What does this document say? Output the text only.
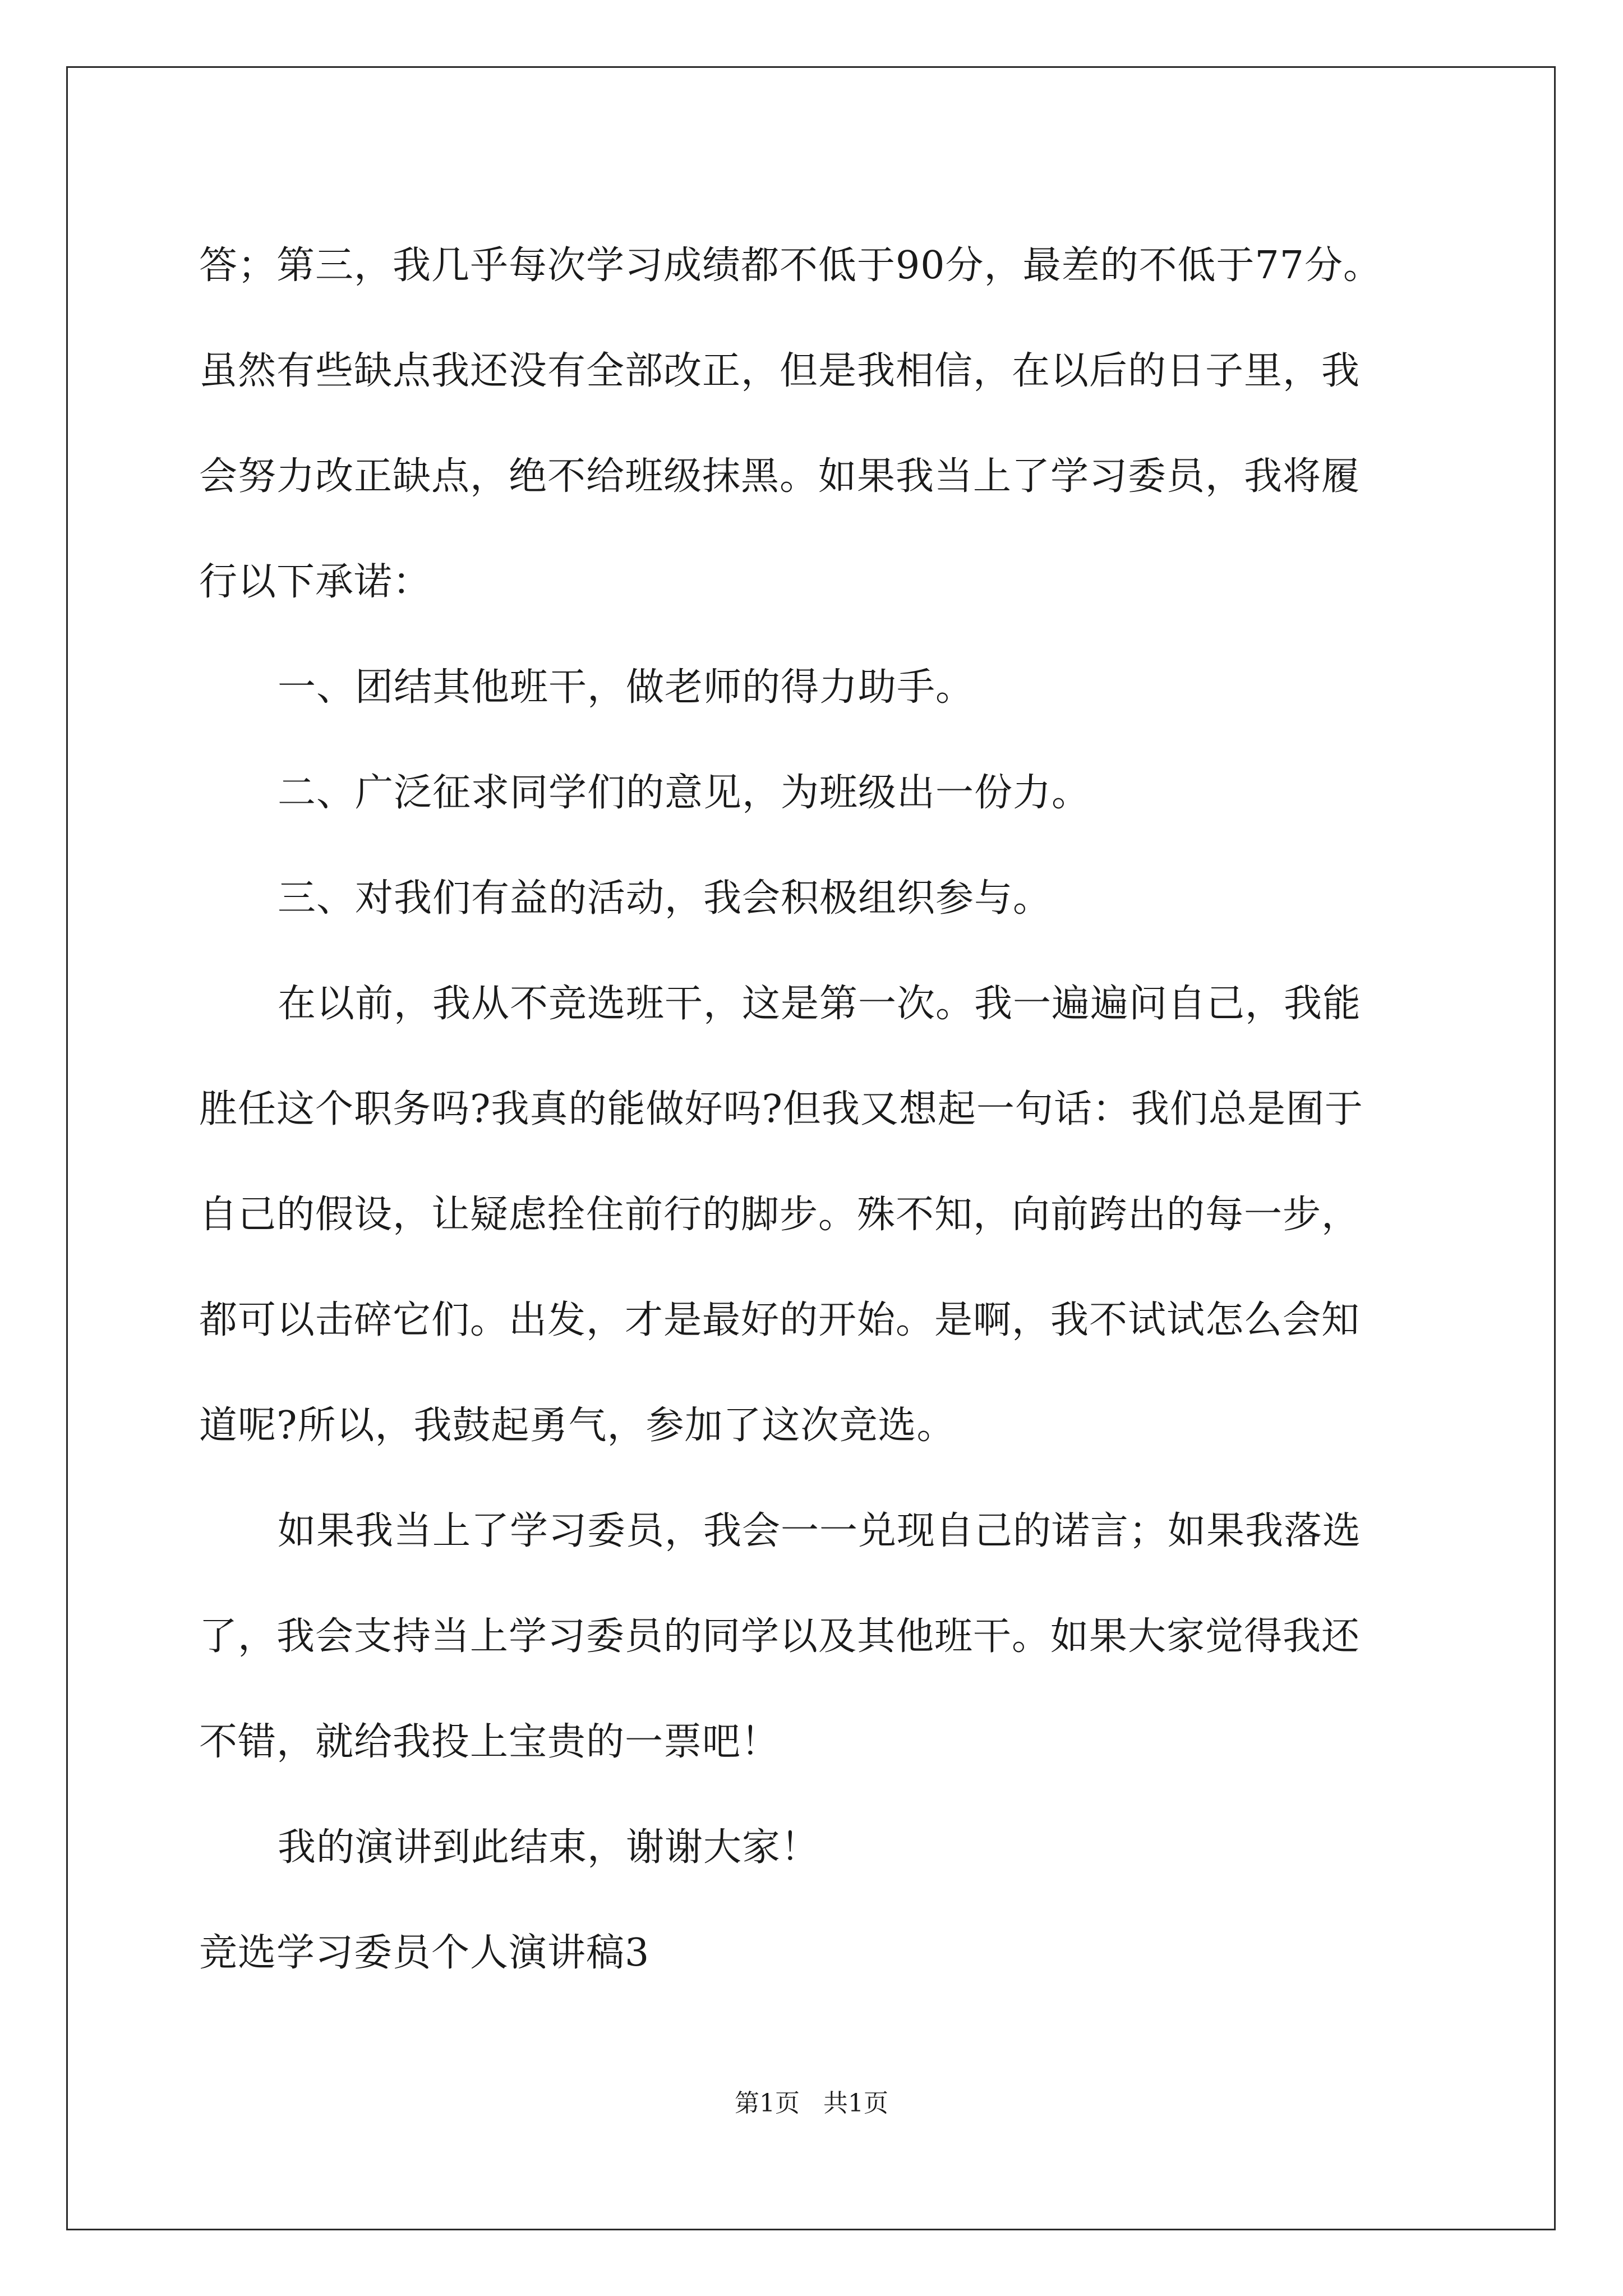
答；第三，我几乎每次学习成绩都不低于90分，最差的不低于77分。
虽然有些缺点我还没有全部改正，但是我相信，在以后的日子里，我
会努力改正缺点，绝不给班级抹黑。如果我当上了学习委员，我将履
行以下承诺：
一、团结其他班干，做老师的得力助手。
二、广泛征求同学们的意见，为班级出一份力。
三、对我们有益的活动，我会积极组织参与。
在以前，我从不竞选班干，这是第一次。我一遍遍问自己，我能
胜任这个职务吗?我真的能做好吗?但我又想起一句话：我们总是囿于
自己的假设，让疑虑拴住前行的脚步。殊不知，向前跨出的每一步，
都可以击碎它们。出发，才是最好的开始。是啊，我不试试怎么会知
道呢?所以，我鼓起勇气，参加了这次竞选。
如果我当上了学习委员，我会一一兑现自己的诺言；如果我落选
了，我会支持当上学习委员的同学以及其他班干。如果大家觉得我还
不错，就给我投上宝贵的一票吧！
我的演讲到此结束，谢谢大家！
竞选学习委员个人演讲稿3
第1页   共1页
